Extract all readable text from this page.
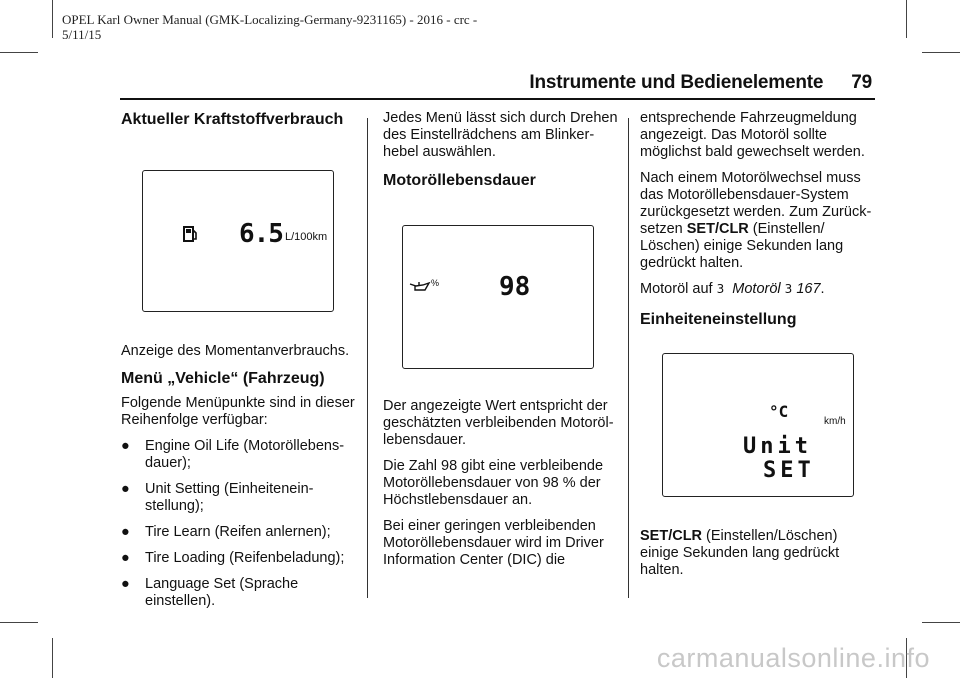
OPEL Karl Owner Manual (GMK-Localizing-Germany-9231165) - 2016 - crc -
5/11/15
Instrumente und Bedienelemente 79
Aktueller Kraftstoffverbrauch
6.5 L/100km

Anzeige des Momentanverbrauchs.

Menü „Vehicle“ (Fahrzeug)

Folgende Menüpunkte sind in dieser Reihenfolge verfügbar:

● Engine Oil Life (Motoröllebens-dauer);
● Unit Setting (Einheitenein-stellung);
● Tire Learn (Reifen anlernen);
● Tire Loading (Reifenbeladung);
● Language Set (Sprache einstellen).

Jedes Menü lässt sich durch Drehen des Einstellrädchens am Blinker-hebel auswählen.

Motoröllebensdauer
% 98

Der angezeigte Wert entspricht der geschätzten verbleibenden Motoröl-lebensdauer.

Die Zahl 98 gibt eine verbleibende Motoröllebensdauer von 98 % der Höchstlebensdauer an.

Bei einer geringen verbleibenden Motoröllebensdauer wird im Driver Information Center (DIC) die

entsprechende Fahrzeugmeldung angezeigt. Das Motoröl sollte möglichst bald gewechselt werden.

Nach einem Motorölwechsel muss das Motoröllebensdauer-System zurückgesetzt werden. Zum Zurück-setzen SET/CLR (Einstellen/ Löschen) einige Sekunden lang gedrückt halten.

Motoröl auf 3 Motoröl 3 167.

Einheiteneinstellung
°C
km/h
Unit
SET

SET/CLR (Einstellen/Löschen) einige Sekunden lang gedrückt halten.

carmanualsonline.info
